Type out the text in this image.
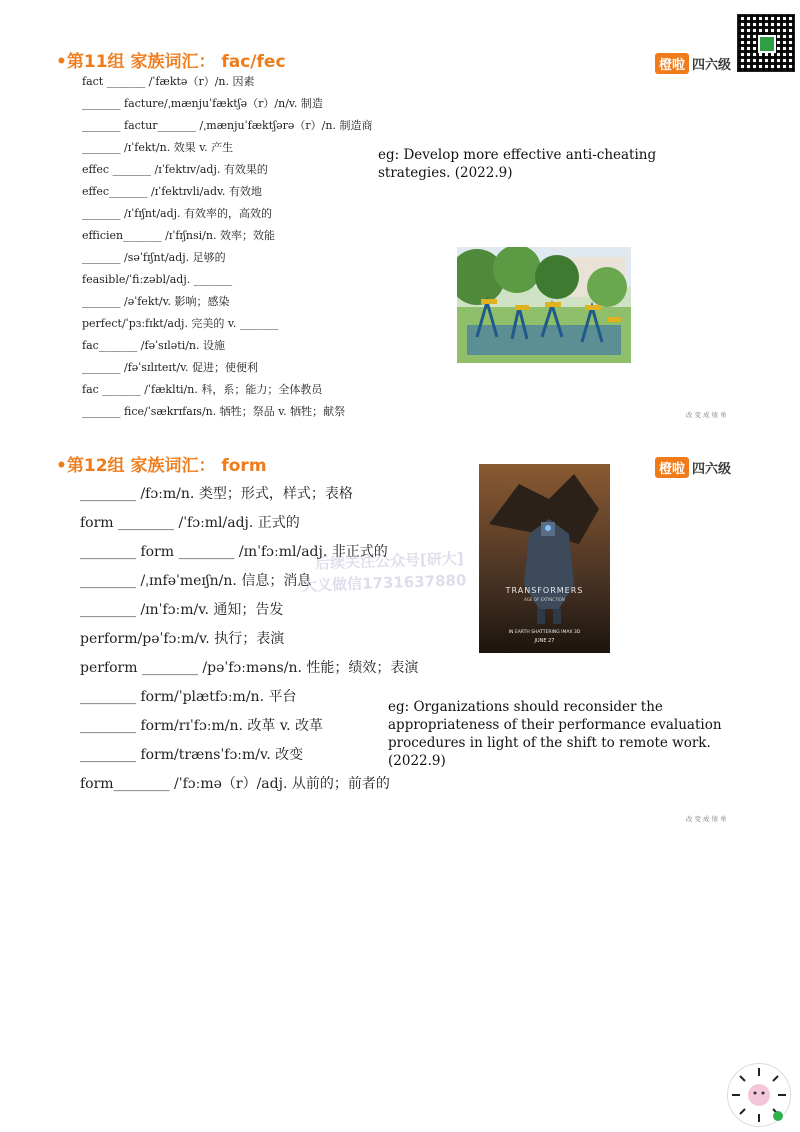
•第11组 家族词汇： fac/fec	橙啦 四六级
fact _______ /ˈfæktə（r）/n. 因素
_______ facture/ˌmænjuˈfæktʃə（r）/n/v. 制造
_______ factur_______ /ˌmænjuˈfæktʃərə（r）/n. 制造商
_______ /ɪˈfekt/n. 效果 v. 产生
effec _______ /ɪˈfektɪv/adj. 有效果的
effec_______ /ɪˈfektɪvli/adv. 有效地
_______ /ɪˈfɪʃnt/adj. 有效率的，高效的
efficien_______ /ɪˈfɪʃnsi/n. 效率；效能
_______ /səˈfɪʃnt/adj. 足够的
feasible/ˈfiːzəbl/adj. _______
_______ /əˈfekt/v. 影响；感染
perfect/ˈpɜːfɪkt/adj. 完美的 v. _______
fac_______ /fəˈsɪləti/n. 设施
_______ /fəˈsɪlɪteɪt/v. 促进；使便利
fac _______ /ˈfæklti/n. 科，系；能力；全体教员
_______ fice/ˈsækrɪfaɪs/n. 牺牲；祭品 v. 牺牲；献祭
eg: Develop more effective anti-cheating strategies. (2022.9)
改变成绩单
•第12组 家族词汇： form	橙啦 四六级
________ /fɔːm/n. 类型；形式，样式；表格
form ________ /ˈfɔːml/adj. 正式的
________ form ________ /ɪnˈfɔːml/adj. 非正式的
________ /ˌɪnfəˈmeɪʃn/n. 信息；消息
________ /ɪnˈfɔːm/v. 通知；告发
perform/pəˈfɔːm/v. 执行；表演
perform ________ /pəˈfɔːməns/n. 性能；绩效；表演
________ form/ˈplætfɔːm/n. 平台
________ form/rɪˈfɔːm/n. 改革 v. 改革
________ form/trænsˈfɔːm/v. 改变
form________ /ˈfɔːmə（r）/adj. 从前的；前者的
TRANSFORMERS
AGE OF EXTINCTION
IN EARTH SHATTERING IMAX 3D
JUNE 27
后续关注公众号[研大]
大义做信1731637880
eg: Organizations should reconsider the appropriateness of their performance evaluation procedures in light of the shift to remote work. (2022.9)
改变成绩单
